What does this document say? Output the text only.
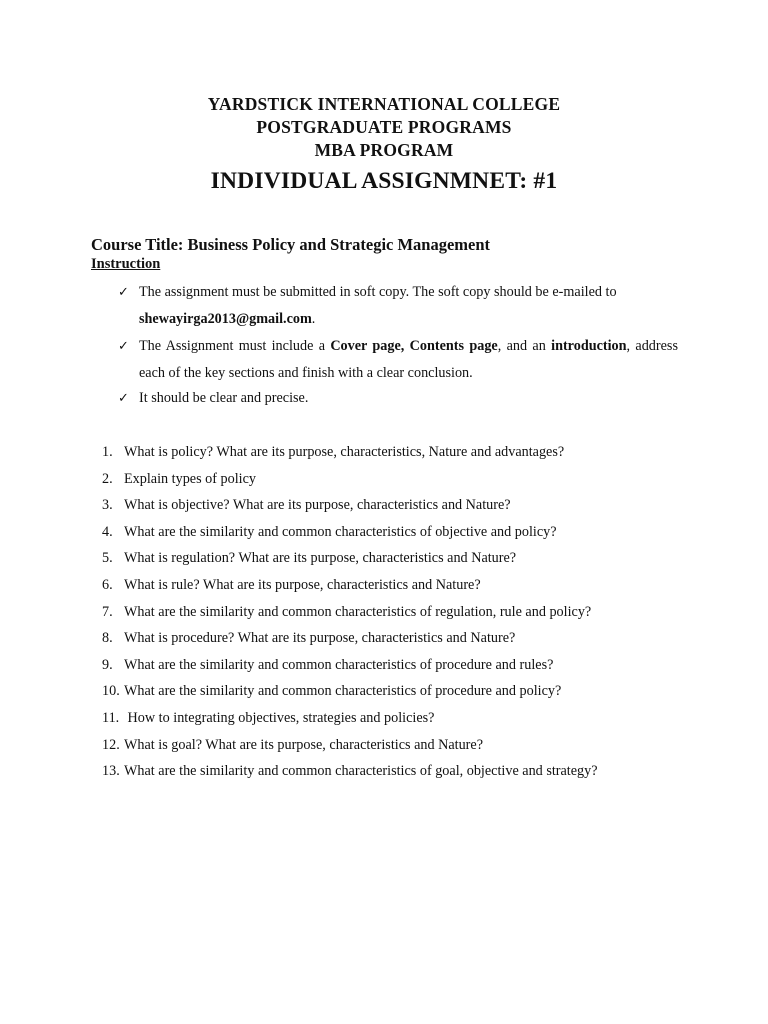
YARDSTICK INTERNATIONAL COLLEGE
POSTGRADUATE PROGRAMS
MBA PROGRAM
INDIVIDUAL ASSIGNMNET: #1
Course Title: Business Policy and Strategic Management
Instruction
✓ The assignment must be submitted in soft copy. The soft copy should be e-mailed to
shewayirga2013@gmail.com.
✓ The Assignment must include a Cover page, Contents page, and an introduction, address each of the key sections and finish with a clear conclusion.
✓ It should be clear and precise.
1. What is policy? What are its purpose, characteristics, Nature and advantages?
2. Explain types of policy
3. What is objective? What are its purpose, characteristics and Nature?
4. What are the similarity and common characteristics of objective and policy?
5. What is regulation? What are its purpose, characteristics and Nature?
6. What is rule? What are its purpose, characteristics and Nature?
7. What are the similarity and common characteristics of regulation, rule and policy?
8. What is procedure? What are its purpose, characteristics and Nature?
9. What are the similarity and common characteristics of procedure and rules?
10. What are the similarity and common characteristics of procedure and policy?
11. How to integrating objectives, strategies and policies?
12. What is goal? What are its purpose, characteristics and Nature?
13. What are the similarity and common characteristics of goal, objective and strategy?
